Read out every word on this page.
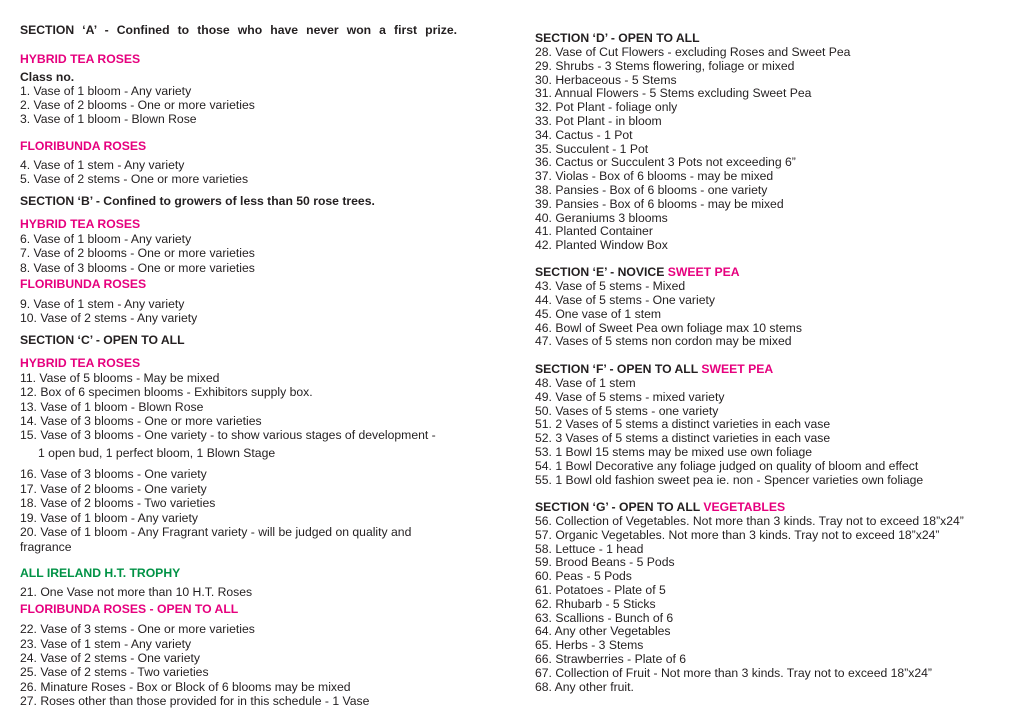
SECTION ‘A’ - Confined to those who have never won a first prize.
HYBRID TEA ROSES
Class no.
1. Vase of 1 bloom - Any variety
2. Vase of 2 blooms - One or more varieties
3. Vase of 1 bloom - Blown Rose
FLORIBUNDA ROSES
4. Vase of 1 stem - Any variety
5. Vase of 2 stems - One or more varieties
SECTION ‘B’ - Confined to growers of less than 50 rose trees.
HYBRID TEA ROSES
6. Vase of 1 bloom - Any variety
7. Vase of 2 blooms - One or more varieties
8. Vase of 3 blooms - One or more varieties
FLORIBUNDA ROSES
9. Vase of 1 stem - Any variety
10. Vase of 2 stems - Any variety
SECTION ‘C’ - OPEN TO ALL
HYBRID TEA ROSES
11. Vase of 5 blooms - May be mixed
12. Box of 6 specimen blooms - Exhibitors supply box.
13. Vase of 1 bloom - Blown Rose
14. Vase of 3 blooms - One or more varieties
15. Vase of 3 blooms - One variety - to show various stages of development -
1 open bud, 1 perfect bloom, 1 Blown Stage
16. Vase of 3 blooms - One variety
17. Vase of 2 blooms - One variety
18. Vase of 2 blooms - Two varieties
19. Vase of 1 bloom - Any variety
20. Vase of 1 bloom - Any Fragrant variety - will be judged on quality and
fragrance
ALL IRELAND H.T. TROPHY
21. One Vase not more than 10 H.T. Roses
FLORIBUNDA ROSES - OPEN TO ALL
22. Vase of 3 stems - One or more varieties
23. Vase of 1 stem - Any variety
24. Vase of 2 stems - One variety
25. Vase of 2 stems - Two varieties
26. Minature Roses - Box or Block of 6 blooms may be mixed
27. Roses other than those provided for in this schedule - 1 Vase
SECTION ‘D’ - OPEN TO ALL
28. Vase of Cut Flowers - excluding Roses and Sweet Pea
29. Shrubs - 3 Stems flowering, foliage or mixed
30. Herbaceous - 5 Stems
31. Annual Flowers - 5 Stems excluding Sweet Pea
32. Pot Plant - foliage only
33. Pot Plant - in bloom
34. Cactus - 1 Pot
35. Succulent - 1 Pot
36. Cactus or Succulent 3 Pots not exceeding 6”
37. Violas - Box of 6 blooms - may be mixed
38. Pansies - Box of 6 blooms - one variety
39. Pansies - Box of 6 blooms - may be mixed
40. Geraniums 3 blooms
41. Planted Container
42. Planted Window Box
SECTION ‘E’ - NOVICE SWEET PEA
43. Vase of 5 stems - Mixed
44. Vase of 5 stems - One variety
45. One vase of 1 stem
46. Bowl of Sweet Pea own foliage max 10 stems
47. Vases of 5 stems non cordon may be mixed
SECTION ‘F’ - OPEN TO ALL SWEET PEA
48. Vase of 1 stem
49. Vase of 5 stems - mixed variety
50. Vases of 5 stems - one variety
51. 2 Vases of 5 stems a distinct varieties in each vase
52. 3 Vases of 5 stems a distinct varieties in each vase
53. 1 Bowl 15 stems may be mixed use own foliage
54. 1 Bowl Decorative any foliage judged on quality of bloom and effect
55. 1 Bowl old fashion sweet pea ie. non - Spencer varieties own foliage
SECTION ‘G’ - OPEN TO ALL VEGETABLES
56. Collection of Vegetables. Not more than 3 kinds. Tray not to exceed 18”x24”
57. Organic Vegetables. Not more than 3 kinds. Tray not to exceed 18”x24”
58. Lettuce - 1 head
59. Brood Beans - 5 Pods
60. Peas - 5 Pods
61. Potatoes - Plate of 5
62. Rhubarb - 5 Sticks
63. Scallions - Bunch of 6
64. Any other Vegetables
65. Herbs - 3 Stems
66. Strawberries - Plate of 6
67. Collection of Fruit - Not more than 3 kinds. Tray not to exceed 18”x24”
68. Any other fruit.
